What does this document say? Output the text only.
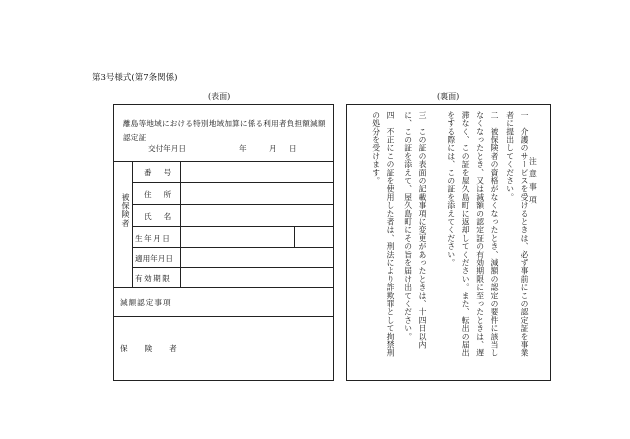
第3号様式(第7条関係)
(表面)	(裏面)
離島等地域における特別地域加算に係る利用者負担額減額認定証
交付年月日	年	月 日
被保険者
番号
住所
氏名
生年月日
適用年月日
有効期限
減額認定事項
保険者
注意事項
一　介護のサービスを受けるときは、必ず事前にこの認定証を事業者に提出してください。
二　被保険者の資格がなくなったとき、減額の認定の要件に該当しなくなったとき、又は減額の認定証の有効期限に至ったときは、遅滞なく、この証を屋久島町に返却してください。また、転出の届出をする際には、この証を添えてください。
三　この証の表面の記載事項に変更があったときは、十四日以内に、この証を添えて、屋久島町にその旨を届け出てください。
四　不正にこの証を使用した者は、刑法により詐欺罪として拘禁刑の処分を受けます。
